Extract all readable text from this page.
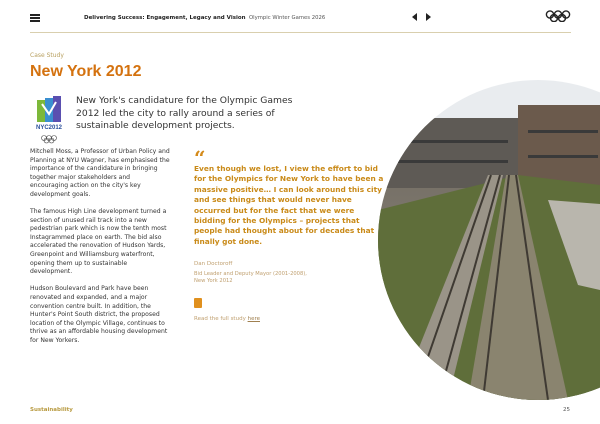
Delivering Success: Engagement, Legacy and Vision Olympic Winter Games 2026
Case Study
New York 2012
NYC2012
New York's candidature for the Olympic Games 2012 led the city to rally around a series of sustainable development projects.

Mitchell Moss, a Professor of Urban Policy and Planning at NYU Wagner, has emphasised the importance of the candidature in bringing together major stakeholders and encouraging action on the city's key development goals.

The famous High Line development turned a section of unused rail track into a new pedestrian park which is now the tenth most Instagrammed place on earth. The bid also accelerated the renovation of Hudson Yards, Greenpoint and Williamsburg waterfront, opening them up to sustainable development.

Hudson Boulevard and Park have been renovated and expanded, and a major convention centre built. In addition, the Hunter's Point South district, the proposed location of the Olympic Village, continues to thrive as an affordable housing development for New Yorkers.

“
Even though we lost, I view the effort to bid for the Olympics for New York to have been a massive positive… I can look around this city and see things that would never have occurred but for the fact that we were bidding for the Olympics – projects that people had thought about for decades that finally got done.
Dan Doctoroff
Bid Leader and Deputy Mayor (2001-2008), New York 2012
Read the full study here
Sustainability	25
